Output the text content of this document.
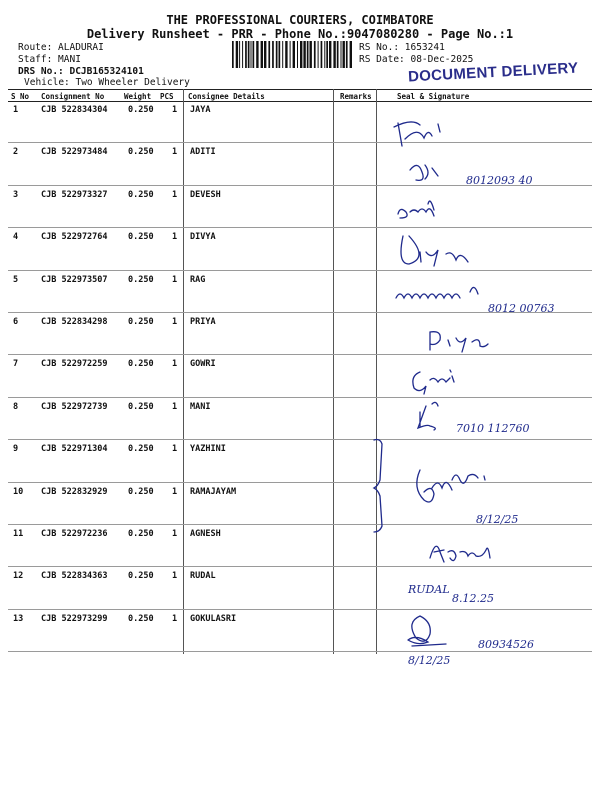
THE PROFESSIONAL COURIERS, COIMBATORE
Delivery Runsheet - PRR - Phone No.:9047080280 - Page No.:1
Route: ALADURAI
Staff: MANI
DRS No.: DCJB165324101
Vehicle: Two Wheeler Delivery
RS No.: 1653241
RS Date: 08-Dec-2025
DOCUMENT DELIVERY
S No Consignment No	Weight PCS Consignee Details	Remarks	Seal & Signature
1	CJB 522834304 0.250 1 JAYA
2	CJB 522973484 0.250 1 ADITI
3	CJB 522973327 0.250 1 DEVESH
4	CJB 522972764 0.250 1 DIVYA
5	CJB 522973507 0.250 1 RAG
6	CJB 522834298 0.250 1 PRIYA
7	CJB 522972259 0.250 1 GOWRI
8	CJB 522972739 0.250 1 MANI
9	CJB 522971304 0.250 1 YAZHINI
10 CJB 522832929 0.250 1 RAMAJAYAM
11 CJB 522972236 0.250 1 AGNESH
12 CJB 522834363 0.250 1 RUDAL
13 CJB 522973299 0.250 1 GOKULASRI
8012093 40
8012 00763
7010 112760
8/12/25
RUDAL
8.12.25
8/12/25
80934526
